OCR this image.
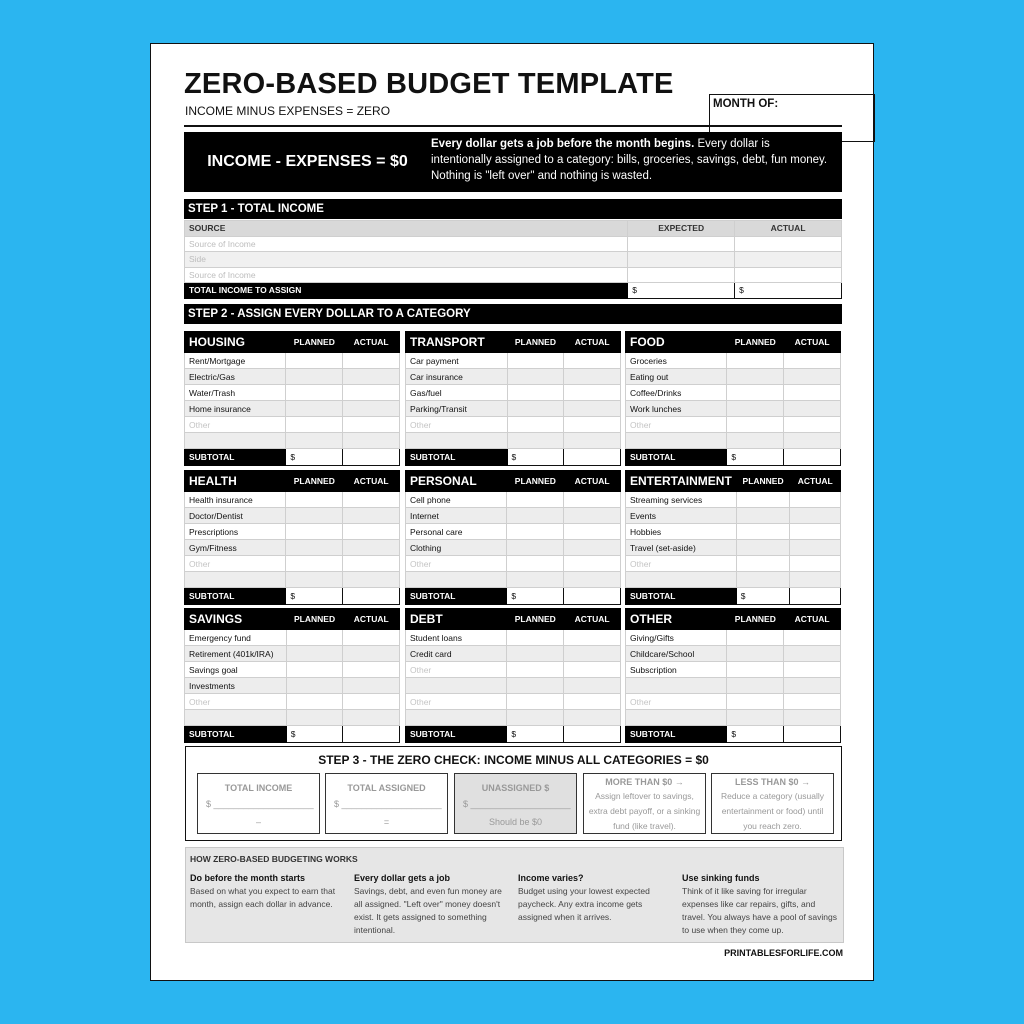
ZERO-BASED BUDGET TEMPLATE
MONTH OF:
INCOME MINUS EXPENSES = ZERO
INCOME - EXPENSES = $0
Every dollar gets a job before the month begins. Every dollar is intentionally assigned to a category: bills, groceries, savings, debt, fun money. Nothing is "left over" and nothing is wasted.
STEP 1 - TOTAL INCOME
SOURCE	EXPECTED	ACTUAL
Source of Income		
Side		
Source of Income		
TOTAL INCOME TO ASSIGN	$	$
STEP 2 - ASSIGN EVERY DOLLAR TO A CATEGORY
HOUSING	PLANNED	ACTUAL
Rent/Mortgage		
Electric/Gas		
Water/Trash		
Home insurance		
Other		

SUBTOTAL	$	
TRANSPORT	PLANNED	ACTUAL
Car payment		
Car insurance		
Gas/fuel		
Parking/Transit		
Other		

SUBTOTAL	$	
FOOD	PLANNED	ACTUAL
Groceries		
Eating out		
Coffee/Drinks		
Work lunches		
Other		

SUBTOTAL	$	
HEALTH	PLANNED	ACTUAL
Health insurance		
Doctor/Dentist		
Prescriptions		
Gym/Fitness		
Other		

SUBTOTAL	$	
PERSONAL	PLANNED	ACTUAL
Cell phone		
Internet		
Personal care		
Clothing		
Other		

SUBTOTAL	$	
ENTERTAINMENT	PLANNED	ACTUAL
Streaming services		
Events		
Hobbies		
Travel (set-aside)		
Other		

SUBTOTAL	$	
SAVINGS	PLANNED	ACTUAL
Emergency fund		
Retirement (401k/IRA)		
Savings goal		
Investments		
Other		

SUBTOTAL	$	
DEBT	PLANNED	ACTUAL
Student loans		
Credit card		
Other		

Other		

SUBTOTAL	$	
OTHER	PLANNED	ACTUAL
Giving/Gifts		
Childcare/School		
Subscription		

Other		

SUBTOTAL	$	
STEP 3 - THE ZERO CHECK: INCOME MINUS ALL CATEGORIES = $0
TOTAL INCOME
$ ____________________
–
TOTAL ASSIGNED
$ ____________________
=
UNASSIGNED $
$ ____________________
Should be $0
MORE THAN $0 →
Assign leftover to savings, extra debt payoff, or a sinking fund (like travel).
LESS THAN $0 →
Reduce a category (usually entertainment or food) until you reach zero.
HOW ZERO-BASED BUDGETING WORKS
Do before the month starts
Based on what you expect to earn that month, assign each dollar in advance.
Every dollar gets a job
Savings, debt, and even fun money are all assigned. "Left over" money doesn't exist. It gets assigned to something intentional.
Income varies?
Budget using your lowest expected paycheck. Any extra income gets assigned when it arrives.
Use sinking funds
Think of it like saving for irregular expenses like car repairs, gifts, and travel. You always have a pool of savings to use when they come up.
PRINTABLESFORLIFE.COM
